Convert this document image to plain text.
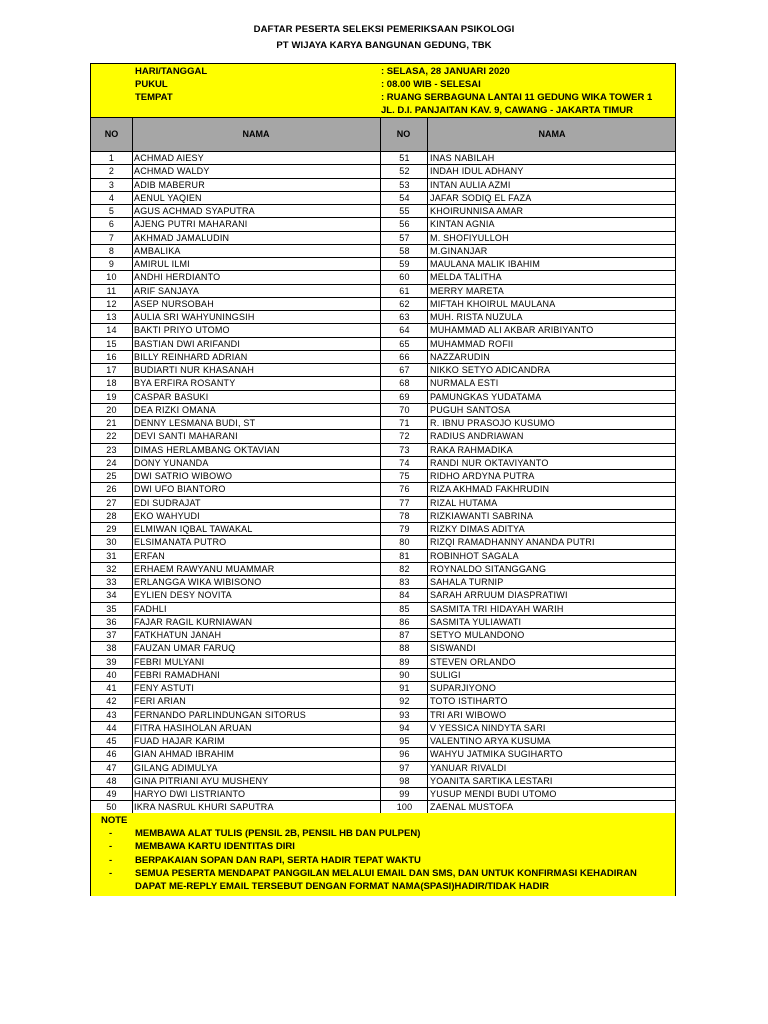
DAFTAR PESERTA SELEKSI PEMERIKSAAN PSIKOLOGI
PT WIJAYA KARYA BANGUNAN GEDUNG, TBK
HARI/TANGGAL	: SELASA, 28 JANUARI 2020
PUKUL	: 08.00 WIB - SELESAI
TEMPAT	: RUANG SERBAGUNA LANTAI 11 GEDUNG WIKA TOWER 1
JL. D.I. PANJAITAN KAV. 9, CAWANG - JAKARTA TIMUR
NO	NAMA	NO	NAMA
1	ACHMAD AIESY	51	INAS NABILAH
2	ACHMAD WALDY	52	INDAH IDUL ADHANY
3	ADIB MABERUR	53	INTAN AULIA AZMI
4	AENUL YAQIEN	54	JAFAR SODIQ EL FAZA
5	AGUS ACHMAD SYAPUTRA	55	KHOIRUNNISA AMAR
6	AJENG PUTRI MAHARANI	56	KINTAN AGNIA
7	AKHMAD JAMALUDIN	57	M. SHOFIYULLOH
8	AMBALIKA	58	M.GINANJAR
9	AMIRUL ILMI	59	MAULANA MALIK IBAHIM
10	ANDHI HERDIANTO	60	MELDA TALITHA
11	ARIF SANJAYA	61	MERRY MARETA
12	ASEP NURSOBAH	62	MIFTAH KHOIRUL MAULANA
13	AULIA SRI WAHYUNINGSIH	63	MUH. RISTA NUZULA
14	BAKTI PRIYO UTOMO	64	MUHAMMAD ALI AKBAR ARIBIYANTO
15	BASTIAN DWI ARIFANDI	65	MUHAMMAD ROFII
16	BILLY REINHARD ADRIAN	66	NAZZARUDIN
17	BUDIARTI NUR KHASANAH	67	NIKKO SETYO ADICANDRA
18	BYA ERFIRA ROSANTY	68	NURMALA ESTI
19	CASPAR BASUKI	69	PAMUNGKAS YUDATAMA
20	DEA RIZKI OMANA	70	PUGUH SANTOSA
21	DENNY LESMANA BUDI, ST	71	R. IBNU PRASOJO KUSUMO
22	DEVI SANTI MAHARANI	72	RADIUS ANDRIAWAN
23	DIMAS HERLAMBANG OKTAVIAN	73	RAKA RAHMADIKA
24	DONY YUNANDA	74	RANDI NUR OKTAVIYANTO
25	DWI SATRIO WIBOWO	75	RIDHO ARDYNA PUTRA
26	DWI UFO BIANTORO	76	RIZA AKHMAD FAKHRUDIN
27	EDI SUDRAJAT	77	RIZAL HUTAMA
28	EKO WAHYUDI	78	RIZKIAWANTI SABRINA
29	ELMIWAN IQBAL TAWAKAL	79	RIZKY DIMAS ADITYA
30	ELSIMANATA PUTRO	80	RIZQI RAMADHANNY ANANDA PUTRI
31	ERFAN	81	ROBINHOT SAGALA
32	ERHAEM RAWYANU MUAMMAR	82	ROYNALDO SITANGGANG
33	ERLANGGA WIKA WIBISONO	83	SAHALA TURNIP
34	EYLIEN DESY NOVITA	84	SARAH ARRUUM DIASPRATIWI
35	FADHLI	85	SASMITA TRI HIDAYAH WARIH
36	FAJAR RAGIL KURNIAWAN	86	SASMITA YULIAWATI
37	FATKHATUN JANAH	87	SETYO MULANDONO
38	FAUZAN UMAR FARUQ	88	SISWANDI
39	FEBRI MULYANI	89	STEVEN ORLANDO
40	FEBRI RAMADHANI	90	SULIGI
41	FENY ASTUTI	91	SUPARJIYONO
42	FERI ARIAN	92	TOTO ISTIHARTO
43	FERNANDO PARLINDUNGAN SITORUS	93	TRI ARI WIBOWO
44	FITRA HASIHOLAN ARUAN	94	V YESSICA NINDYTA SARI
45	FUAD HAJAR KARIM	95	VALENTINO ARYA KUSUMA
46	GIAN AHMAD IBRAHIM	96	WAHYU JATMIKA SUGIHARTO
47	GILANG ADIMULYA	97	YANUAR RIVALDI
48	GINA PITRIANI AYU MUSHENY	98	YOANITA SARTIKA LESTARI
49	HARYO DWI LISTRIANTO	99	YUSUP MENDI BUDI UTOMO
50	IKRA NASRUL KHURI SAPUTRA	100	ZAENAL MUSTOFA
NOTE
- MEMBAWA ALAT TULIS (PENSIL 2B, PENSIL HB DAN PULPEN)
- MEMBAWA KARTU IDENTITAS DIRI
- BERPAKAIAN SOPAN DAN RAPI, SERTA HADIR TEPAT WAKTU
- SEMUA PESERTA MENDAPAT PANGGILAN MELALUI EMAIL DAN SMS, DAN UNTUK KONFIRMASI KEHADIRAN
DAPAT ME-REPLY EMAIL TERSEBUT DENGAN FORMAT NAMA(SPASI)HADIR/TIDAK HADIR
